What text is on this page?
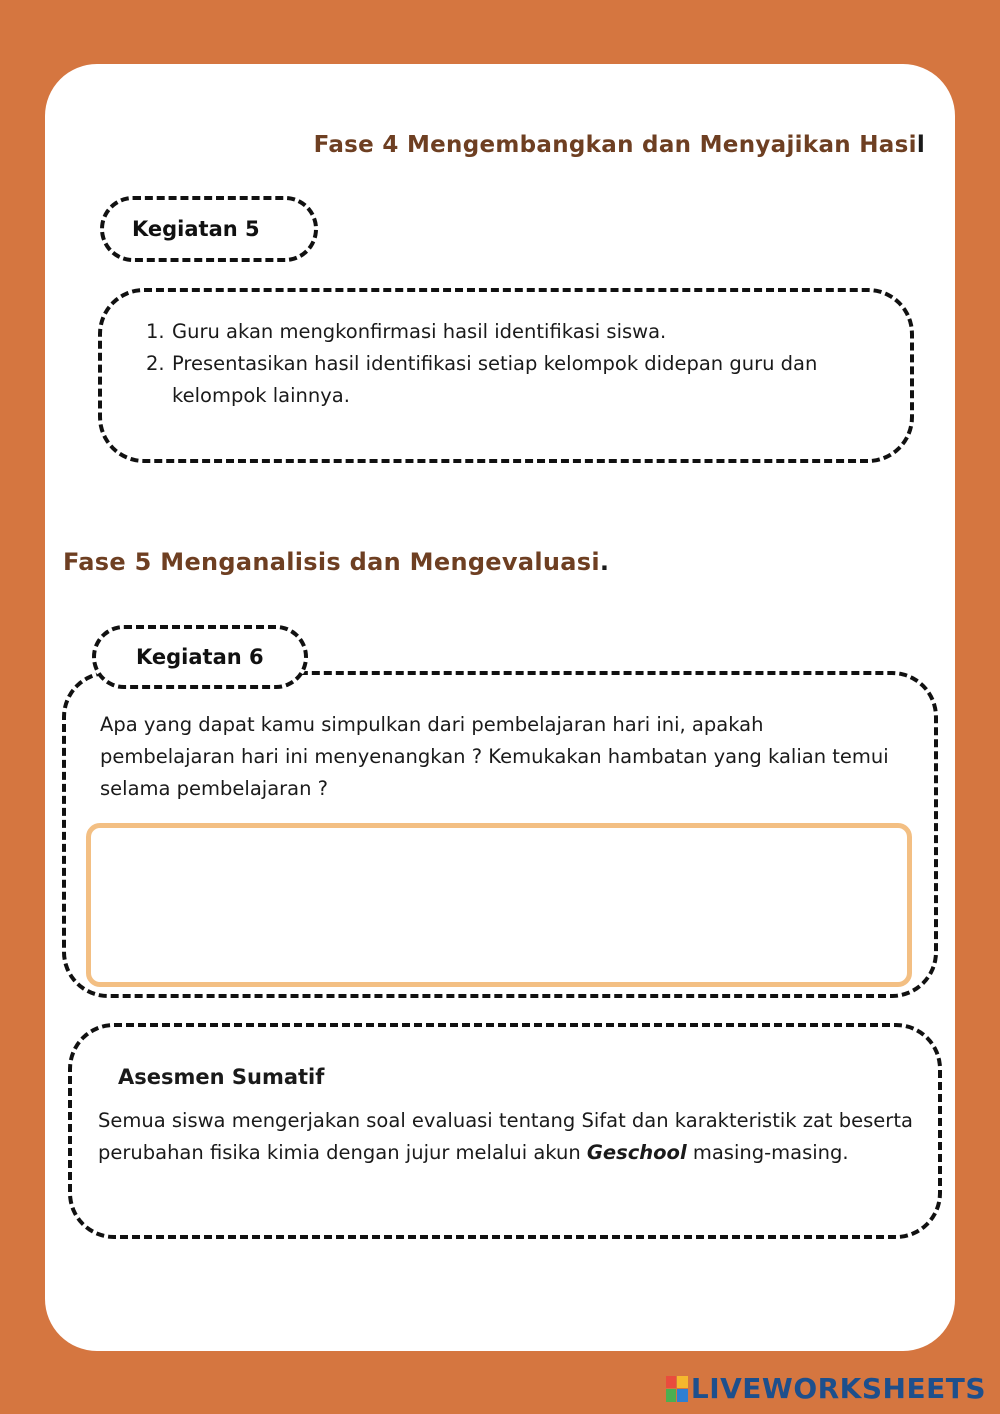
Fase 4 Mengembangkan dan Menyajikan Hasil
Kegiatan 5
Guru akan mengkonfirmasi hasil identifikasi siswa.
Presentasikan hasil identifikasi setiap kelompok didepan guru dan kelompok lainnya.
Fase 5 Menganalisis dan Mengevaluasi.
Kegiatan 6

Apa yang dapat kamu simpulkan dari pembelajaran hari ini, apakah pembelajaran hari ini menyenangkan ? Kemukakan hambatan yang kalian temui selama pembelajaran ?

Asesmen Sumatif

Semua siswa mengerjakan soal evaluasi tentang Sifat dan karakteristik zat beserta perubahan fisika kimia dengan jujur melalui akun Geschool masing-masing.

LIVEWORKSHEETS
